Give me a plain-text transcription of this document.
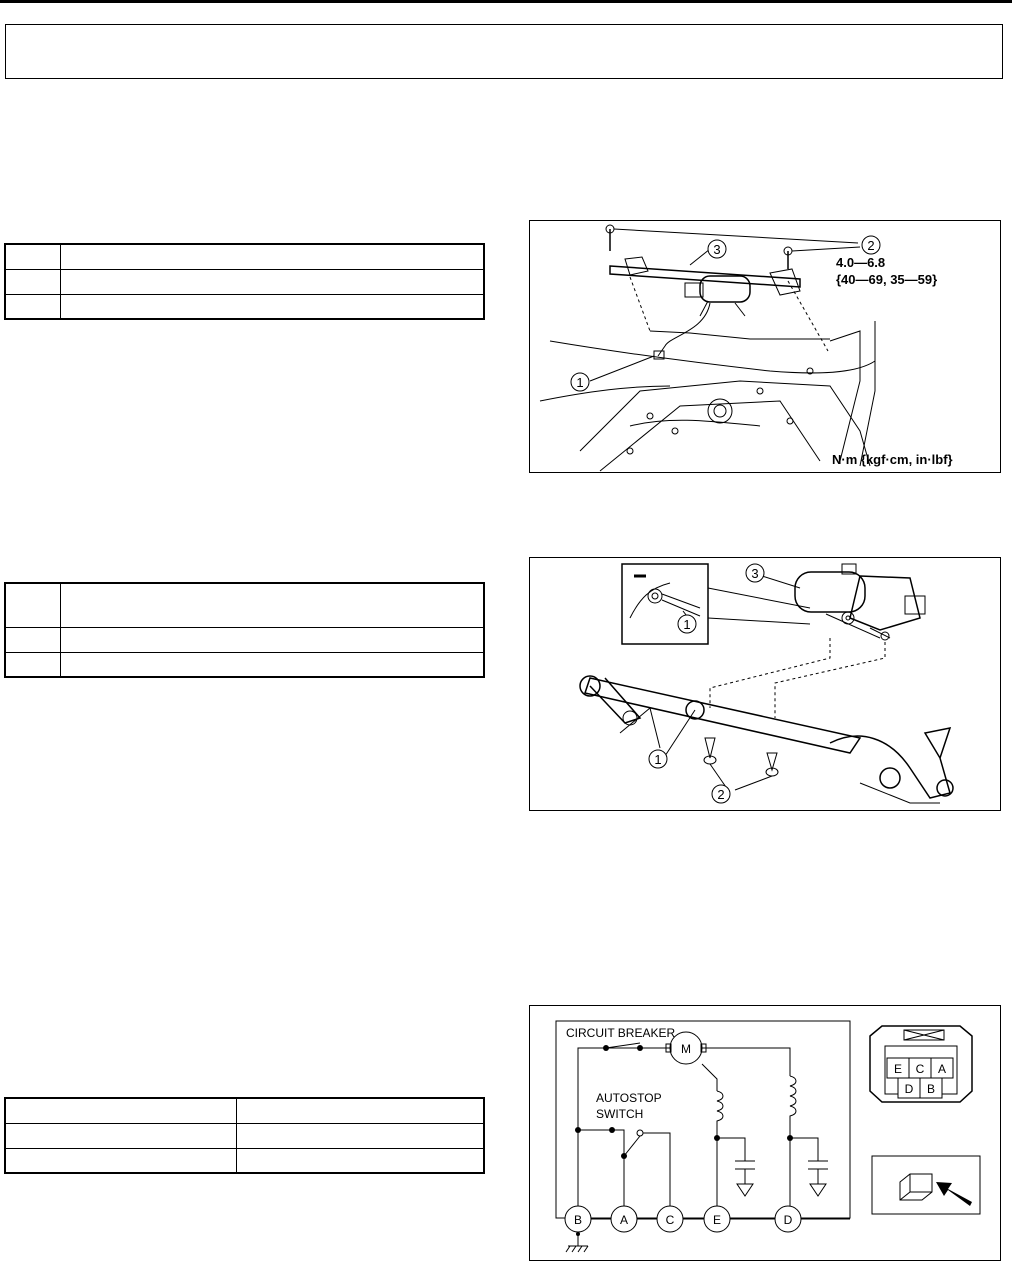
1
2
3
4.0—6.8
{40—69, 35—59}
N·m {kgf·cm, in·lbf}
1
2
3
1
CIRCUIT BREAKER
M
AUTOSTOP
SWITCH
B	A	C	E	D
E C A
D B
